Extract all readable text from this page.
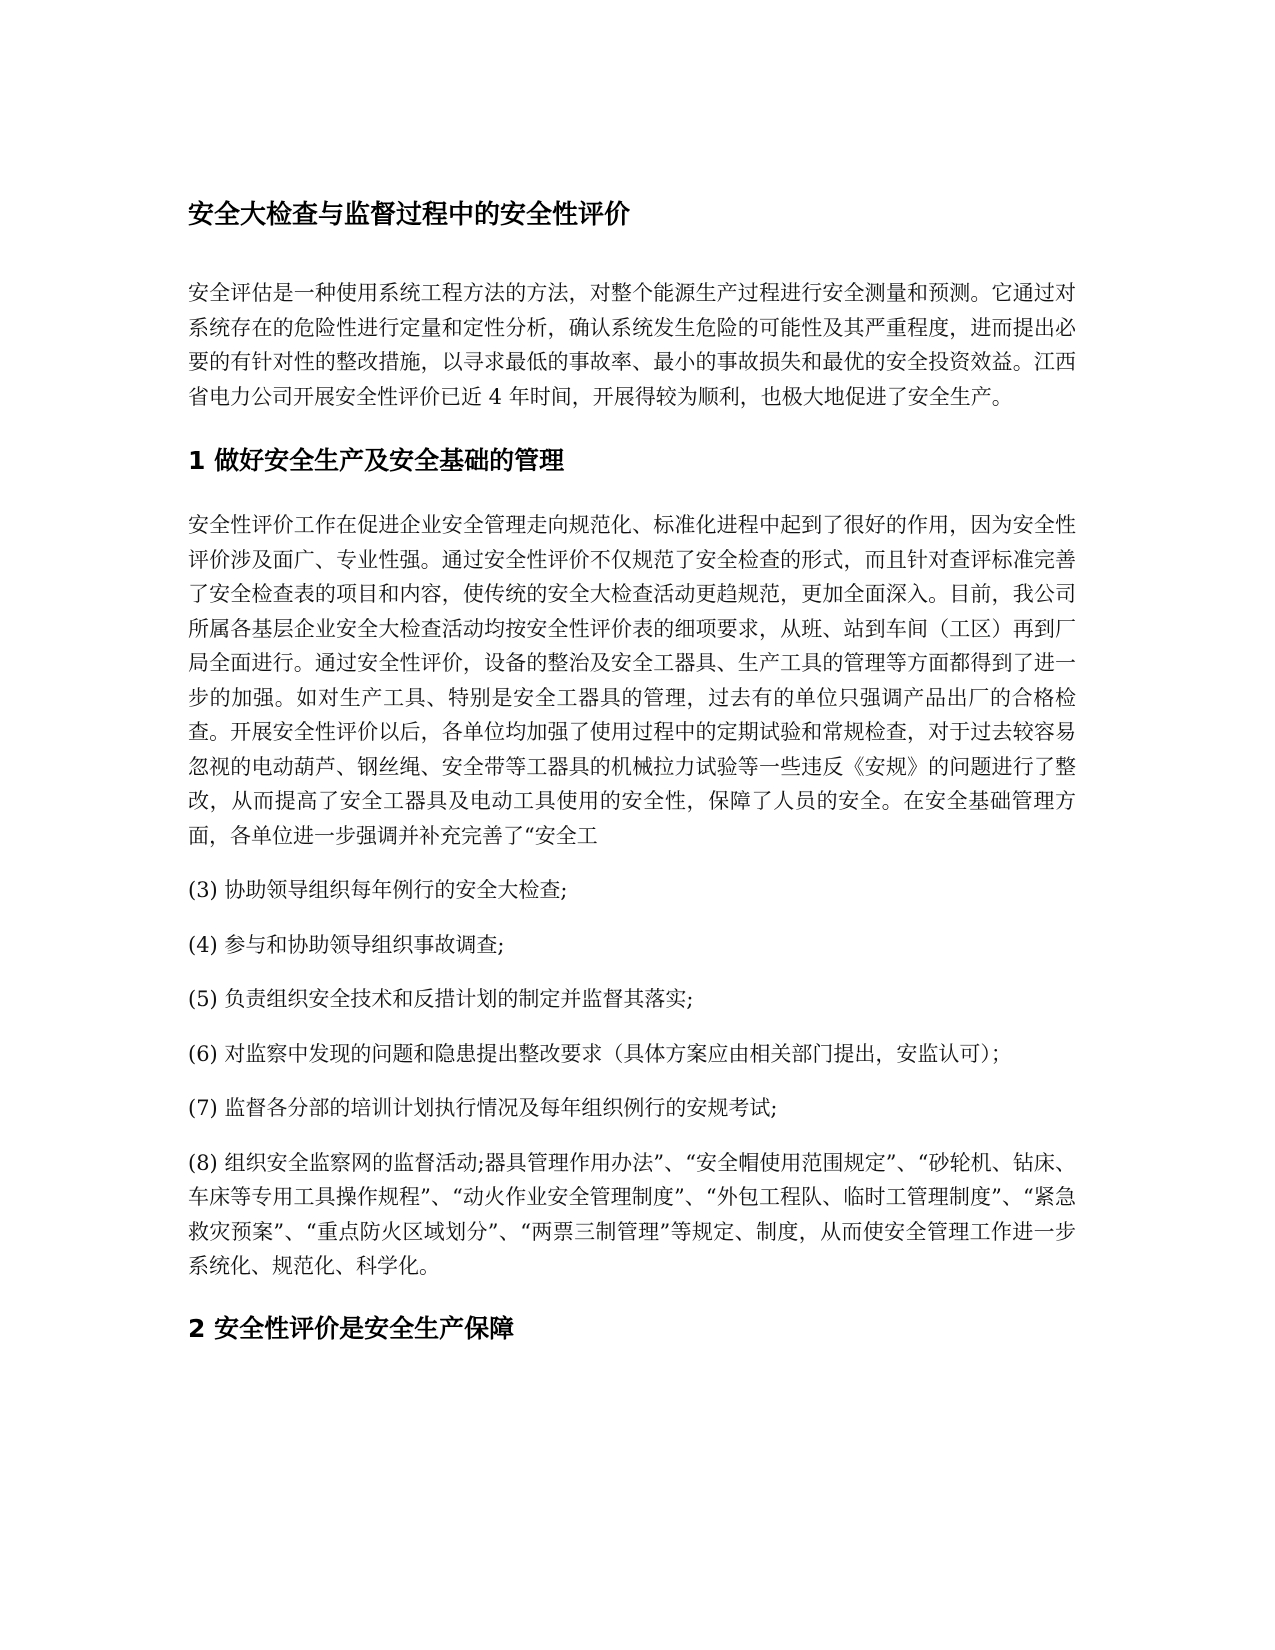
安全大检查与监督过程中的安全性评价

安全评估是一种使用系统工程方法的方法，对整个能源生产过程进行安全测量和预测。它通过对系统存在的危险性进行定量和定性分析，确认系统发生危险的可能性及其严重程度，进而提出必要的有针对性的整改措施，以寻求最低的事故率、最小的事故损失和最优的安全投资效益。江西省电力公司开展安全性评价已近 4 年时间，开展得较为顺利，也极大地促进了安全生产。

1 做好安全生产及安全基础的管理

安全性评价工作在促进企业安全管理走向规范化、标准化进程中起到了很好的作用，因为安全性评价涉及面广、专业性强。通过安全性评价不仅规范了安全检查的形式，而且针对查评标准完善了安全检查表的项目和内容，使传统的安全大检查活动更趋规范，更加全面深入。目前，我公司所属各基层企业安全大检查活动均按安全性评价表的细项要求，从班、站到车间（工区）再到厂局全面进行。通过安全性评价，设备的整治及安全工器具、生产工具的管理等方面都得到了进一步的加强。如对生产工具、特别是安全工器具的管理，过去有的单位只强调产品出厂的合格检查。开展安全性评价以后，各单位均加强了使用过程中的定期试验和常规检查，对于过去较容易忽视的电动葫芦、钢丝绳、安全带等工器具的机械拉力试验等一些违反《安规》的问题进行了整改，从而提高了安全工器具及电动工具使用的安全性，保障了人员的安全。在安全基础管理方面，各单位进一步强调并补充完善了“安全工

(3) 协助领导组织每年例行的安全大检查;

(4) 参与和协助领导组织事故调查;

(5) 负责组织安全技术和反措计划的制定并监督其落实;

(6) 对监察中发现的问题和隐患提出整改要求（具体方案应由相关部门提出，安监认可）；

(7) 监督各分部的培训计划执行情况及每年组织例行的安规考试;

(8) 组织安全监察网的监督活动;器具管理作用办法”、“安全帽使用范围规定”、“砂轮机、钻床、车床等专用工具操作规程”、“动火作业安全管理制度”、“外包工程队、临时工管理制度”、“紧急救灾预案”、“重点防火区域划分”、“两票三制管理”等规定、制度，从而使安全管理工作进一步系统化、规范化、科学化。

2 安全性评价是安全生产保障
